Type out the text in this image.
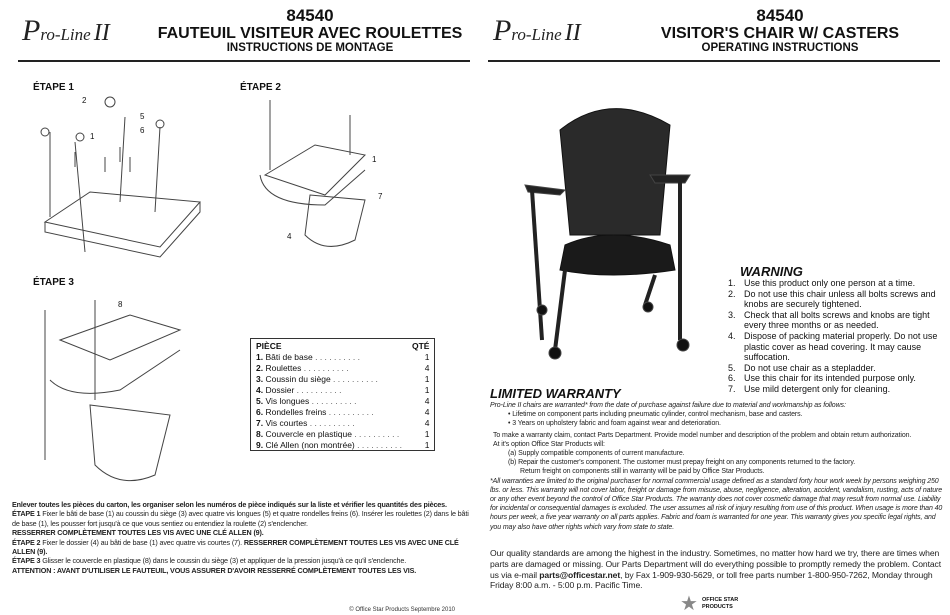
Pro-Line II
84540
FAUTEUIL VISITEUR AVEC ROULETTES
INSTRUCTIONS DE MONTAGE
ÉTAPE 1	ÉTAPE 2
ÉTAPE 3
2
5
6
1
1
7
4
8
PIÈCE	QTÉ
1. Bâti de base . . . . . . . . . .	1
2. Roulettes . . . . . . . . . .	4
3. Coussin du siège . . . . . . . . . .	1
4. Dossier . . . . . . . . . .	1
5. Vis longues . . . . . . . . . .	4
6. Rondelles freins . . . . . . . . . .	4
7. Vis courtes . . . . . . . . . .	4
8. Couvercle en plastique . . . . . . . . . .	1
9. Clé Allen (non montrée) . . . . . . . . . .	1
Enlever toutes les pièces du carton, les organiser selon les numéros de pièce indiqués sur la liste et vérifier les quantités des pièces.
ÉTAPE 1 Fixer le bâti de base (1) au coussin du siège (3) avec quatre vis longues (5) et quatre rondelles freins (6). Insérer les roulettes (2) dans le bâti de base (1), les pousser fort jusqu'à ce que vous sentiez ou entendiez la roulette (2) s'enclencher.
RESSERRER COMPLÈTEMENT TOUTES LES VIS AVEC UNE CLÉ ALLEN (9).
ÉTAPE 2 Fixer le dossier (4) au bâti de base (1) avec quatre vis courtes (7). RESSERRER COMPLÈTEMENT TOUTES LES VIS AVEC UNE CLÉ ALLEN (9).
ÉTAPE 3 Glisser le couvercle en plastique (8) dans le coussin du siège (3) et appliquer de la pression jusqu'à ce qu'il s'enclenche.
ATTENTION : AVANT D'UTILISER LE FAUTEUIL, VOUS ASSURER D'AVOIR RESSERRÉ COMPLÈTEMENT TOUTES LES VIS.
© Office Star Products Septembre 2010
Pro-Line II
84540
VISITOR'S CHAIR W/ CASTERS
OPERATING INSTRUCTIONS
WARNING
1. Use this product only one person at a time.
2. Do not use this chair unless all bolts screws and knobs are securely tightened.
3. Check that all bolts screws and knobs are tight every three months or as needed.
4. Dispose of packing material properly. Do not use plastic cover as head covering. It may cause suffocation.
5. Do not use chair as a stepladder.
6. Use this chair for its intended purpose only.
7. Use mild detergent only for cleaning.
LIMITED WARRANTY
Pro-Line II chairs are warranted* from the date of purchase against failure due to material and workmanship as follows:
• Lifetime on component parts including pneumatic cylinder, control mechanism, base and casters.
• 3 Years on upholstery fabric and foam against wear and deterioration.
To make a warranty claim, contact Parts Department. Provide model number and description of the problem and obtain return authorization.
At it's option Office Star Products will:
(a) Supply compatible components of current manufacture.
(b) Repair the customer's component. The customer must prepay freight on any components returned to the factory.
Return freight on components still in warranty will be paid by Office Star Products.
*All warranties are limited to the original purchaser for normal commercial usage defined as a standard forty hour work week by persons weighing 250 lbs. or less. This warranty will not cover labor, freight or damage from misuse, abuse, negligence, alteration, accident, vandalism, rusting, acts of nature or any other event beyond the control of Office Star Products. The warranty does not cover cosmetic damage that may result from normal use. Liability for incidental or consequential damages is excluded. The user assumes all risk of injury resulting from use of this product. When usage is more than 40 hours per week, a five year warranty on all parts applies. Fabric and foam is warranted for one year. This warranty gives you specific legal rights, and you may also have other rights which vary from state to state.
Our quality standards are among the highest in the industry. Sometimes, no matter how hard we try, there are times when parts are damaged or missing. Our Parts Department will do everything possible to promptly remedy the problem. Contact us via e-mail parts@officestar.net, by Fax 1-909-930-5629, or toll free parts number 1-800-950-7262, Monday through Friday 8:00 a.m. - 5:00 p.m. Pacific Time.
★ OFFICE STAR
PRODUCTS
